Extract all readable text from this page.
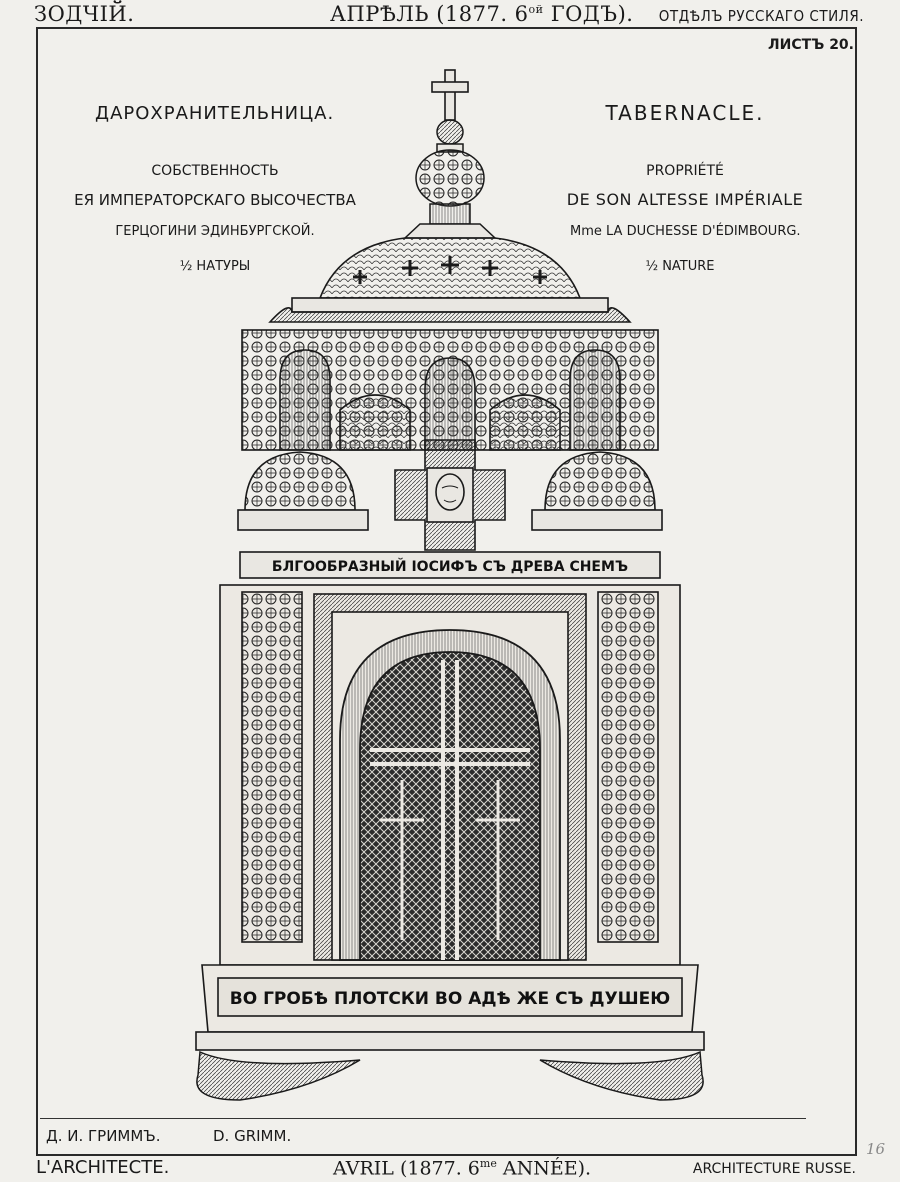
ЗОДЧІЙ.	АПРѢЛЬ (1877. $6^{ой}$ ГОДЪ). ОТДѢЛЪ РУССКАГО СТИЛЯ.
ЛИСТЪ 20.
ДАРОХРАНИТЕЛЬНИЦА.
СОБСТВЕННОСТЬ
ЕЯ ИМПЕРАТОРСКАГО ВЫСОЧЕСТВА
ГЕРЦОГИНИ ЭДИНБУРГСКОЙ.
½ НАТУРЫ
TABERNACLE.
PROPRIÉTÉ
DE SON ALTESSE IMPÉRIALE
Mme LA DUCHESSE D'ÉDIMBOURG.
½ NATURE
БЛГООБРАЗНЫЙ ІОСИФЪ СЪ ДРЕВА СНЕМЪ
ВО ГРОБѢ ПЛОТСКИ ВО АДѢ ЖЕ СЪ ДУШЕЮ
Д. И. ГРИММЪ.	D. GRIMM.
L'ARCHITECTE.	AVRIL (1877. $6^{me}$ ANNÉE).	ARCHITECTURE RUSSE.
16
